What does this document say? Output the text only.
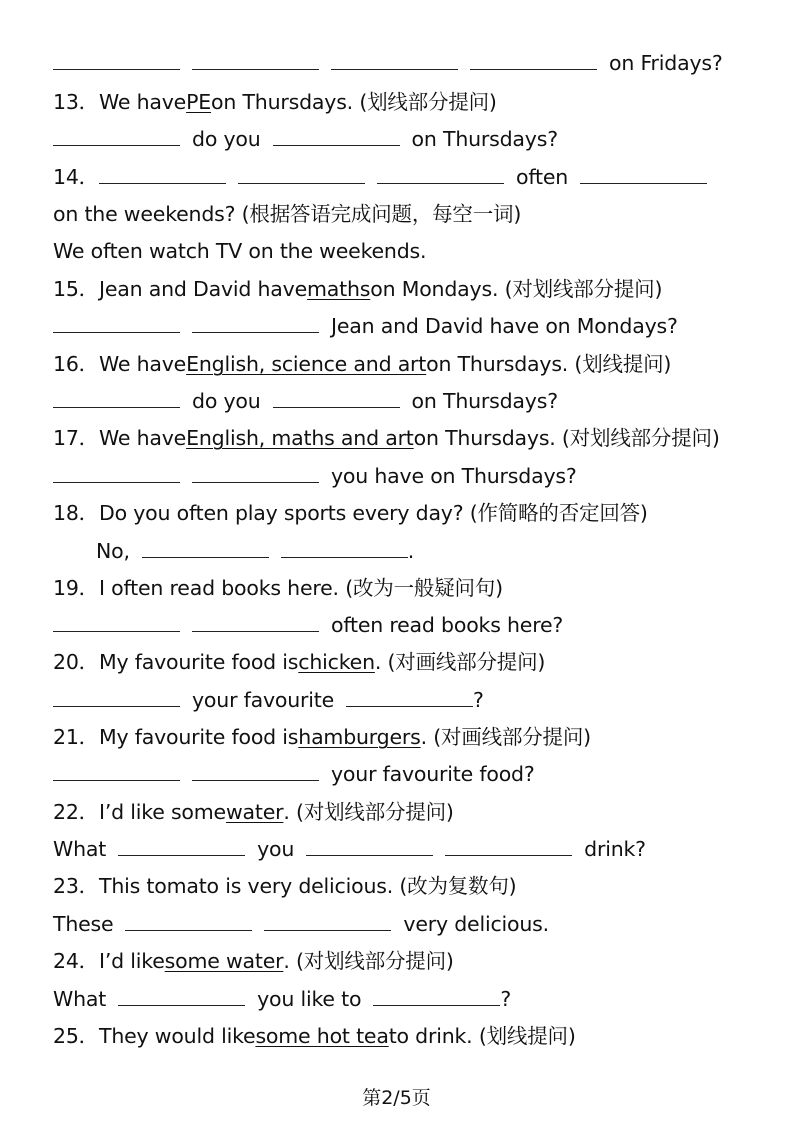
on Fridays?
13．We havePEon Thursdays. (划线部分提问)
do you	on Thursdays?
14．	often
on the weekends? (根据答语完成问题，每空一词)
We often watch TV on the weekends.
15．Jean and David havemathson Mondays. (对划线部分提问)
Jean and David have on Mondays?
16．We haveEnglish, science and arton Thursdays. (划线提问)
do you	on Thursdays?
17．We haveEnglish, maths and arton Thursdays. (对划线部分提问)
you have on Thursdays?
18．Do you often play sports every day? (作简略的否定回答)
No,	.
19．I often read books here. (改为一般疑问句)
often read books here?
20．My favourite food ischicken. (对画线部分提问)
your favourite	?
21．My favourite food ishamburgers. (对画线部分提问)
your favourite food?
22．I’d like somewater. (对划线部分提问)
What	you	drink?
23．This tomato is very delicious. (改为复数句)
These	very delicious.
24．I’d likesome water. (对划线部分提问)
What	you like to	?
25．They would likesome hot teato drink. (划线提问)
第2/5页
